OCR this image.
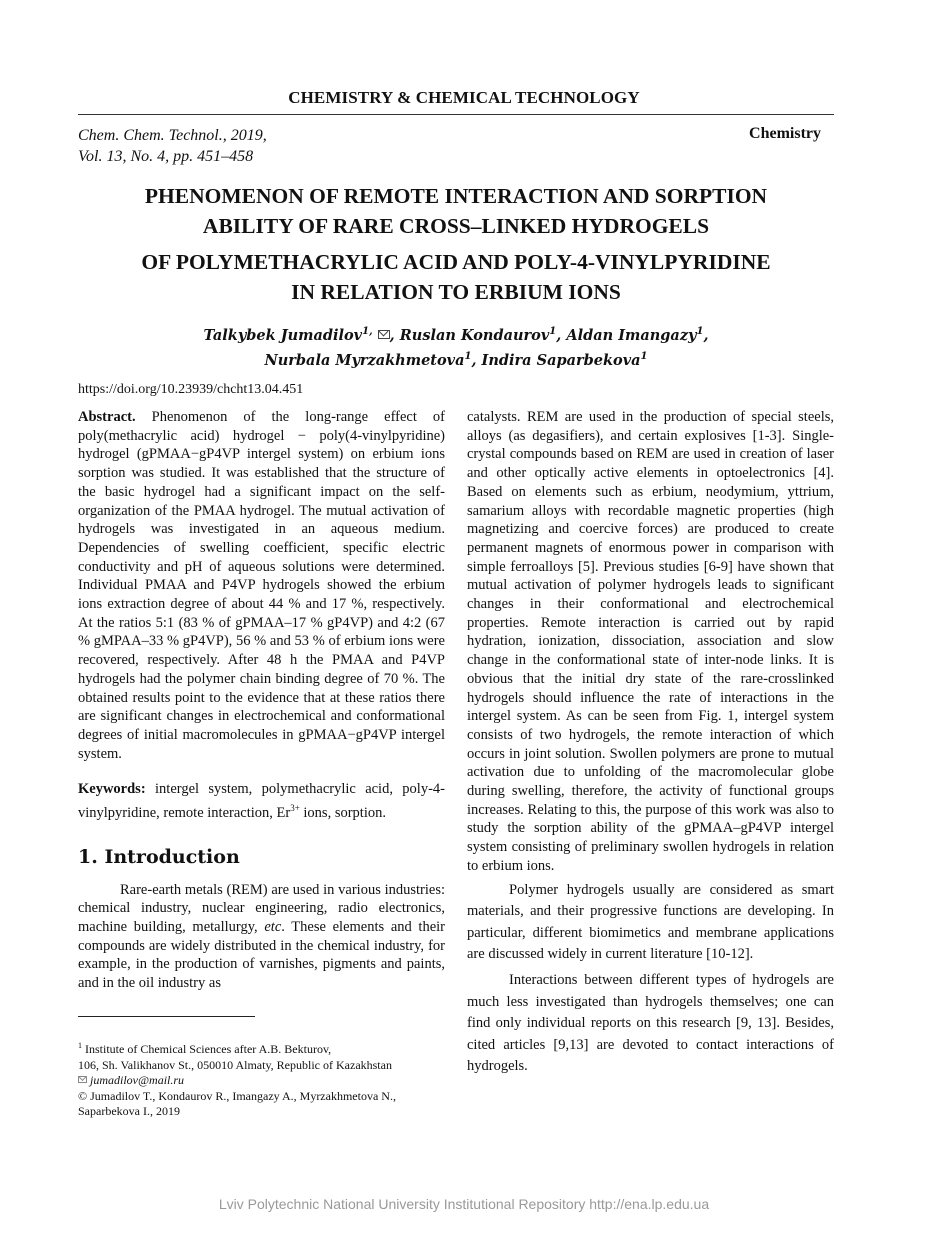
CHEMISTRY & CHEMICAL TECHNOLOGY
Chem. Chem. Technol., 2019,
Vol. 13, No. 4, pp. 451–458
Chemistry
PHENOMENON OF REMOTE INTERACTION AND SORPTION
ABILITY OF RARE CROSS–LINKED HYDROGELS
OF POLYMETHACRYLIC ACID AND POLY-4-VINYLPYRIDINE
IN RELATION TO ERBIUM IONS
Talkybek Jumadilov$^{1,}$ , Ruslan Kondaurov$^1$, Aldan Imangazy$^1$,
Nurbala Myrzakhmetova$^1$, Indira Saparbekova$^1$
https://doi.org/10.23939/chcht13.04.451

Abstract. Phenomenon of the long-range effect of poly(methacrylic acid) hydrogel − poly(4-vinylpyridine) hydrogel (gPMAA−gP4VP intergel system) on erbium ions sorption was studied. It was established that the structure of the basic hydrogel had a significant impact on the self-organization of the PMAA hydrogel. The mutual activation of hydrogels was investigated in an aqueous medium. Dependencies of swelling coefficient, specific electric conductivity and pH of aqueous solutions were determined. Individual PMAA and P4VP hydrogels showed the erbium ions extraction degree of about 44 % and 17 %, respectively. At the ratios 5:1 (83 % of gPMAA–17 % gP4VP) and 4:2 (67 % gMPAA–33 % gP4VP), 56 % and 53 % of erbium ions were recovered, respectively. After 48 h the PMAA and P4VP hydrogels had the polymer chain binding degree of 70 %. The obtained results point to the evidence that at these ratios there are significant changes in electrochemical and conformational degrees of initial macromolecules in gPMAA−gP4VP intergel system.

Keywords: intergel system, polymethacrylic acid, poly-4-vinylpyridine, remote interaction, $Er^{3+}$ ions, sorption.

1. Introduction

Rare-earth metals (REM) are used in various industries: chemical industry, nuclear engineering, radio electronics, machine building, metallurgy, etc. These elements and their compounds are widely distributed in the chemical industry, for example, in the production of varnishes, pigments and paints, and in the oil industry as

catalysts. REM are used in the production of special steels, alloys (as degasifiers), and certain explosives [1-3]. Single-crystal compounds based on REM are used in creation of laser and other optically active elements in optoelectronics [4]. Based on elements such as erbium, neodymium, yttrium, samarium alloys with recordable magnetic properties (high magnetizing and coercive forces) are produced to create permanent magnets of enormous power in comparison with simple ferroalloys [5]. Previous studies [6-9] have shown that mutual activation of polymer hydrogels leads to significant changes in their conformational and electrochemical properties. Remote interaction is carried out by rapid hydration, ionization, dissociation, association and slow change in the conformational state of inter-node links. It is obvious that the initial dry state of the rare-crosslinked hydrogels should influence the rate of interactions in the intergel system. As can be seen from Fig. 1, intergel system consists of two hydrogels, the remote interaction of which occurs in joint solution. Swollen polymers are prone to mutual activation due to unfolding of the macromolecular globe during swelling, therefore, the activity of functional groups increases. Relating to this, the purpose of this work was also to study the sorption ability of the gPMAA–gP4VP intergel system consisting of preliminary swollen hydrogels in relation to erbium ions.

Polymer hydrogels usually are considered as smart materials, and their progressive functions are developing. In particular, different biomimetics and membrane applications are discussed widely in current literature [10-12].

Interactions between different types of hydrogels are much less investigated than hydrogels themselves; one can find only individual reports on this research [9, 13]. Besides, cited articles [9,13] are devoted to contact interactions of hydrogels.

$^1$ Institute of Chemical Sciences after A.B. Bekturov,
106, Sh. Valikhanov St., 050010 Almaty, Republic of Kazakhstan
jumadilov@mail.ru
© Jumadilov T., Kondaurov R., Imangazy A., Myrzakhmetova N.,
Saparbekova I., 2019
Lviv Polytechnic National University Institutional Repository http://ena.lp.edu.ua
